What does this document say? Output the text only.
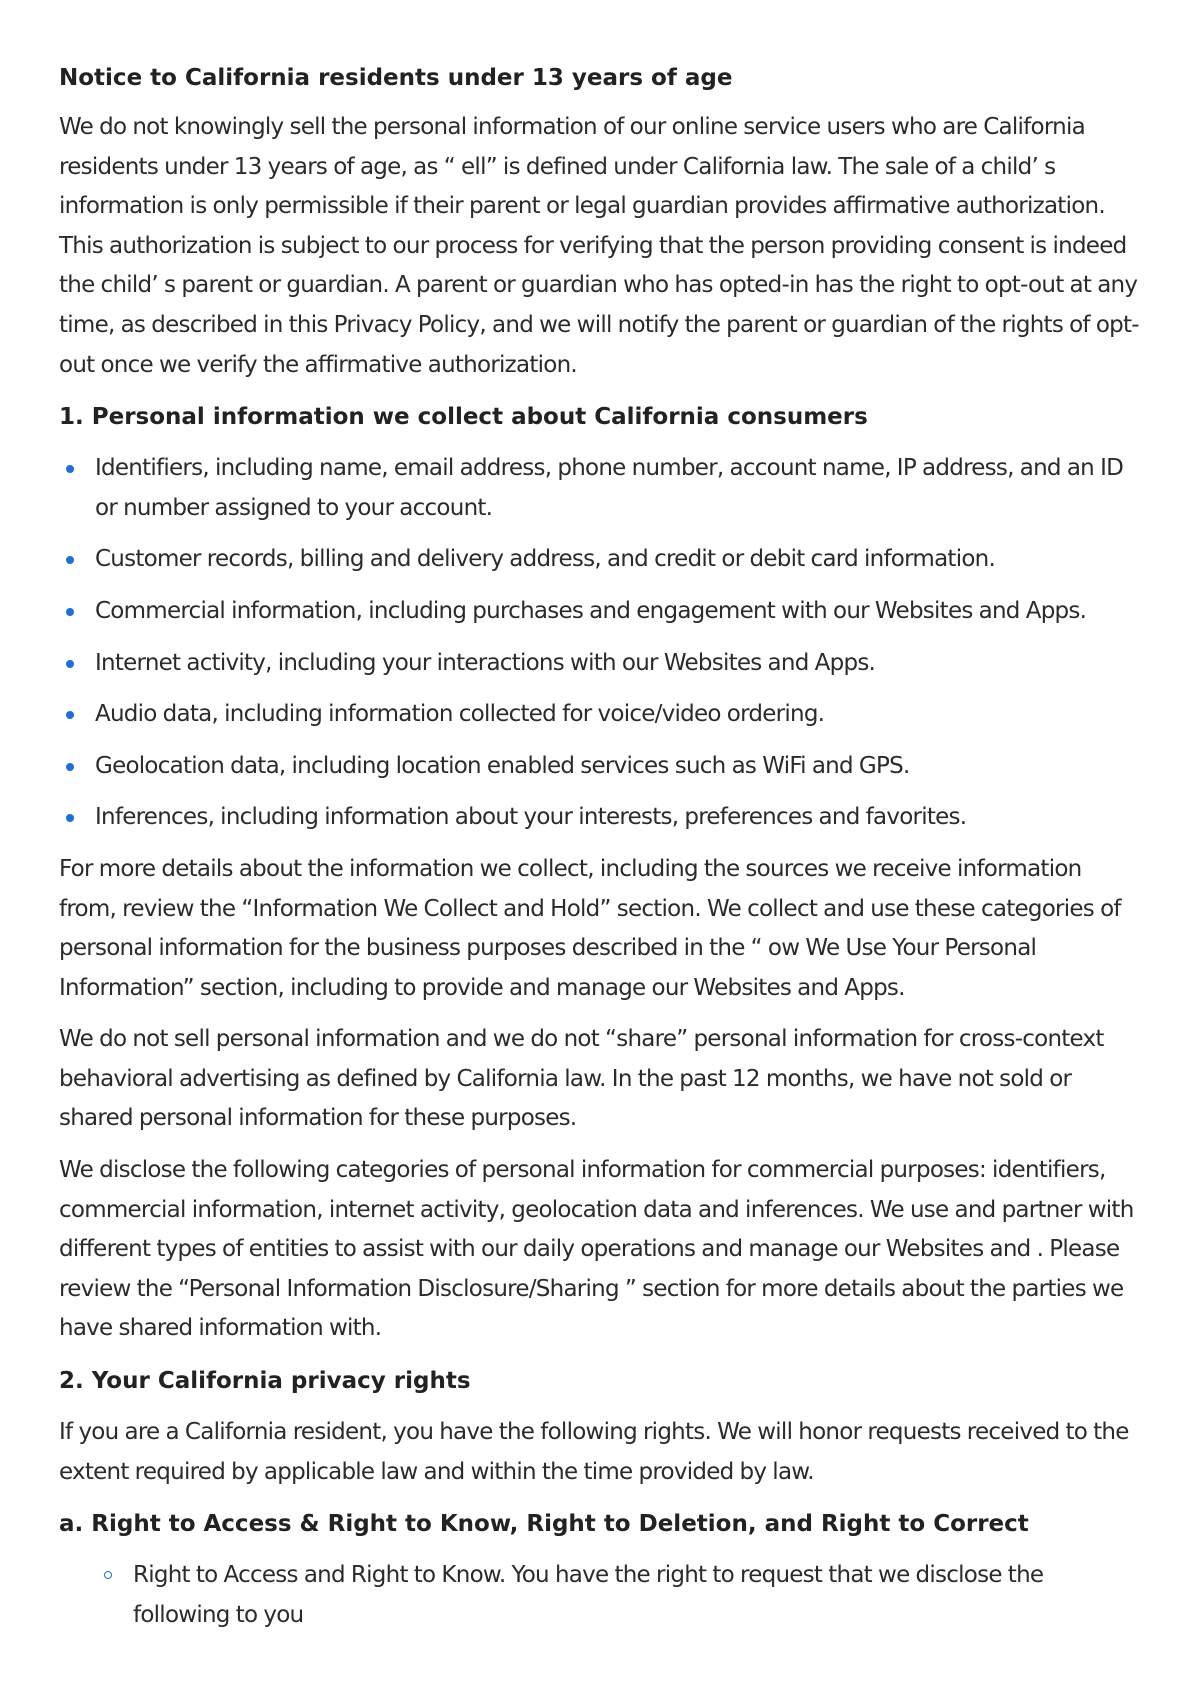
Notice to California residents under 13 years of age

We do not knowingly sell the personal information of our online service users who are California residents under 13 years of age, as “ ell” is defined under California law. The sale of a child’ s information is only permissible if their parent or legal guardian provides affirmative authorization. This authorization is subject to our process for verifying that the person providing consent is indeed the child’ s parent or guardian. A parent or guardian who has opted-in has the right to opt-out at any time, as described in this Privacy Policy, and we will notify the parent or guardian of the rights of opt-out once we verify the affirmative authorization.

1. Personal information we collect about California consumers
Identifiers, including name, email address, phone number, account name, IP address, and an ID or number assigned to your account.
Customer records, billing and delivery address, and credit or debit card information.
Commercial information, including purchases and engagement with our Websites and Apps.
Internet activity, including your interactions with our Websites and Apps.
Audio data, including information collected for voice/video ordering.
Geolocation data, including location enabled services such as WiFi and GPS.
Inferences, including information about your interests, preferences and favorites.

For more details about the information we collect, including the sources we receive information from, review the “Information We Collect and Hold” section. We collect and use these categories of personal information for the business purposes described in the “ ow We Use Your Personal Information” section, including to provide and manage our Websites and Apps.

We do not sell personal information and we do not “share” personal information for cross-context behavioral advertising as defined by California law. In the past 12 months, we have not sold or shared personal information for these purposes.

We disclose the following categories of personal information for commercial purposes: identifiers, commercial information, internet activity, geolocation data and inferences. We use and partner with different types of entities to assist with our daily operations and manage our Websites and . Please review the “Personal Information Disclosure/Sharing ” section for more details about the parties we have shared information with.

2. Your California privacy rights

If you are a California resident, you have the following rights. We will honor requests received to the extent required by applicable law and within the time provided by law.

a. Right to Access & Right to Know, Right to Deletion, and Right to Correct
Right to Access and Right to Know. You have the right to request that we disclose the following to you
